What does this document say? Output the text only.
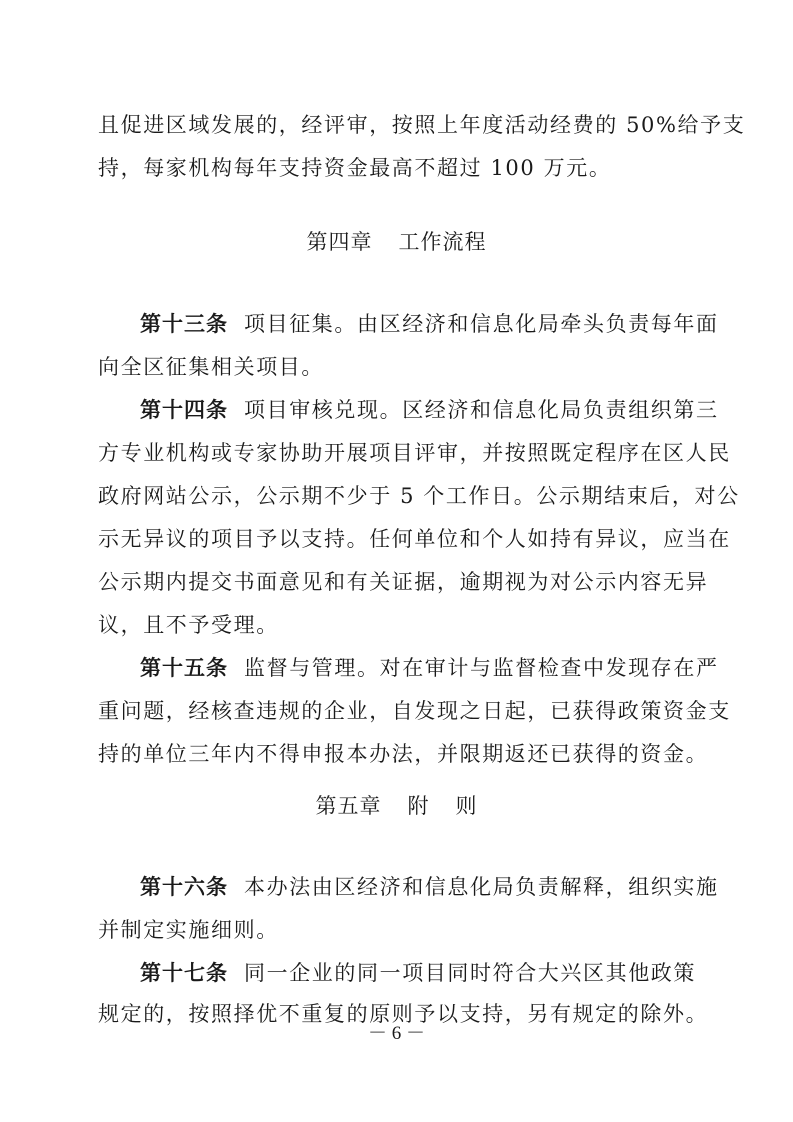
且促进区域发展的，经评审，按照上年度活动经费的 50%给予支
持，每家机构每年支持资金最高不超过 100 万元。
第四章 工作流程
第十三条 项目征集。由区经济和信息化局牵头负责每年面
向全区征集相关项目。
第十四条 项目审核兑现。区经济和信息化局负责组织第三
方专业机构或专家协助开展项目评审，并按照既定程序在区人民
政府网站公示，公示期不少于 5 个工作日。公示期结束后，对公
示无异议的项目予以支持。任何单位和个人如持有异议，应当在
公示期内提交书面意见和有关证据，逾期视为对公示内容无异
议，且不予受理。
第十五条 监督与管理。对在审计与监督检查中发现存在严
重问题，经核查违规的企业，自发现之日起，已获得政策资金支
持的单位三年内不得申报本办法，并限期返还已获得的资金。
第五章 附 则
第十六条 本办法由区经济和信息化局负责解释，组织实施
并制定实施细则。
第十七条 同一企业的同一项目同时符合大兴区其他政策
规定的，按照择优不重复的原则予以支持，另有规定的除外。
－ 6 －
